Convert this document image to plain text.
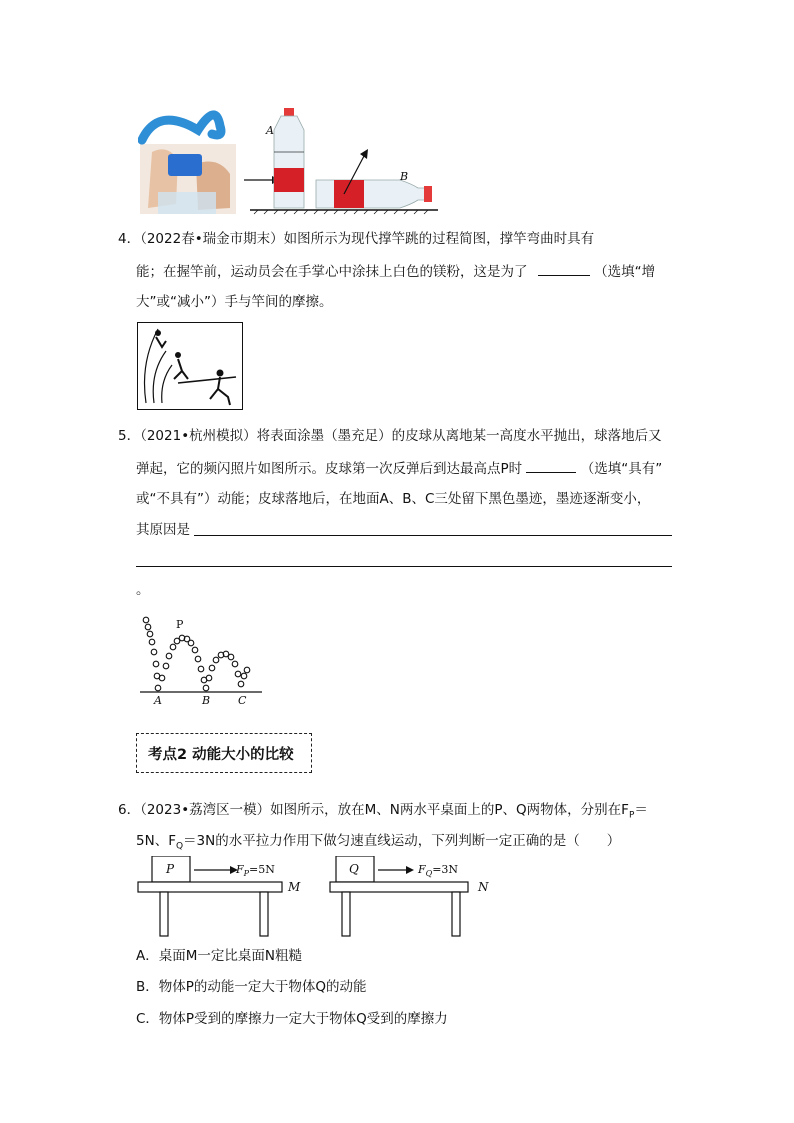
A
B
4．（2022春•瑞金市期末）如图所示为现代撑竿跳的过程简图，撑竿弯曲时具有
能；在握竿前，运动员会在手掌心中涂抹上白色的镁粉，这是为了	（选填“增
大”或“减小”）手与竿间的摩擦。
5．（2021•杭州模拟）将表面涂墨（墨充足）的皮球从离地某一高度水平抛出，球落地后又
弹起，它的频闪照片如图所示。皮球第一次反弹后到达最高点P时	（选填“具有”
或“不具有”）动能；皮球落地后，在地面A、B、C三处留下黑色墨迹，墨迹逐渐变小，
其原因是
。
P
A	B	C
考点2 动能大小的比较
6．（2023•荔湾区一模）如图所示，放在M、N两水平桌面上的P、Q两物体，分别在$F_P=$
5N、$F_Q=3N$的水平拉力作用下做匀速直线运动，下列判断一定正确的是（　　）
P	$F_P=5N$
M
Q	$F_Q=3N$
N
A．桌面M一定比桌面N粗糙
B．物体P的动能一定大于物体Q的动能
C．物体P受到的摩擦力一定大于物体Q受到的摩擦力
